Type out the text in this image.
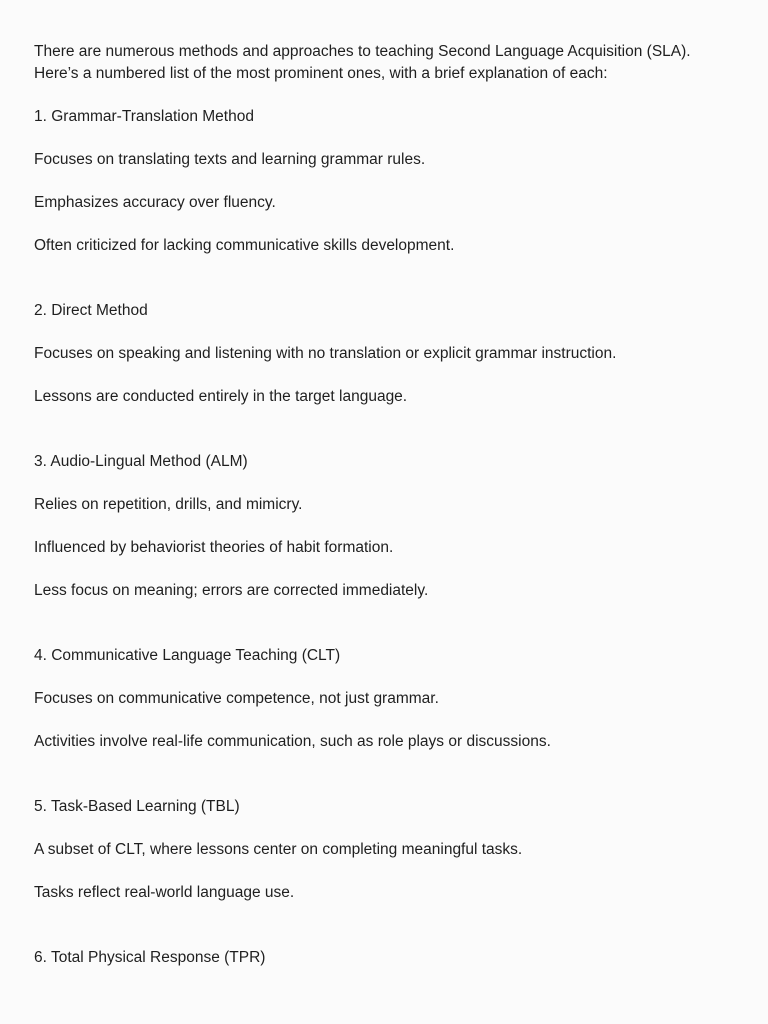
There are numerous methods and approaches to teaching Second Language Acquisition (SLA). Here’s a numbered list of the most prominent ones, with a brief explanation of each:

1. Grammar-Translation Method

Focuses on translating texts and learning grammar rules.

Emphasizes accuracy over fluency.

Often criticized for lacking communicative skills development.

2. Direct Method

Focuses on speaking and listening with no translation or explicit grammar instruction.

Lessons are conducted entirely in the target language.

3. Audio-Lingual Method (ALM)

Relies on repetition, drills, and mimicry.

Influenced by behaviorist theories of habit formation.

Less focus on meaning; errors are corrected immediately.

4. Communicative Language Teaching (CLT)

Focuses on communicative competence, not just grammar.

Activities involve real-life communication, such as role plays or discussions.

5. Task-Based Learning (TBL)

A subset of CLT, where lessons center on completing meaningful tasks.

Tasks reflect real-world language use.

6. Total Physical Response (TPR)
